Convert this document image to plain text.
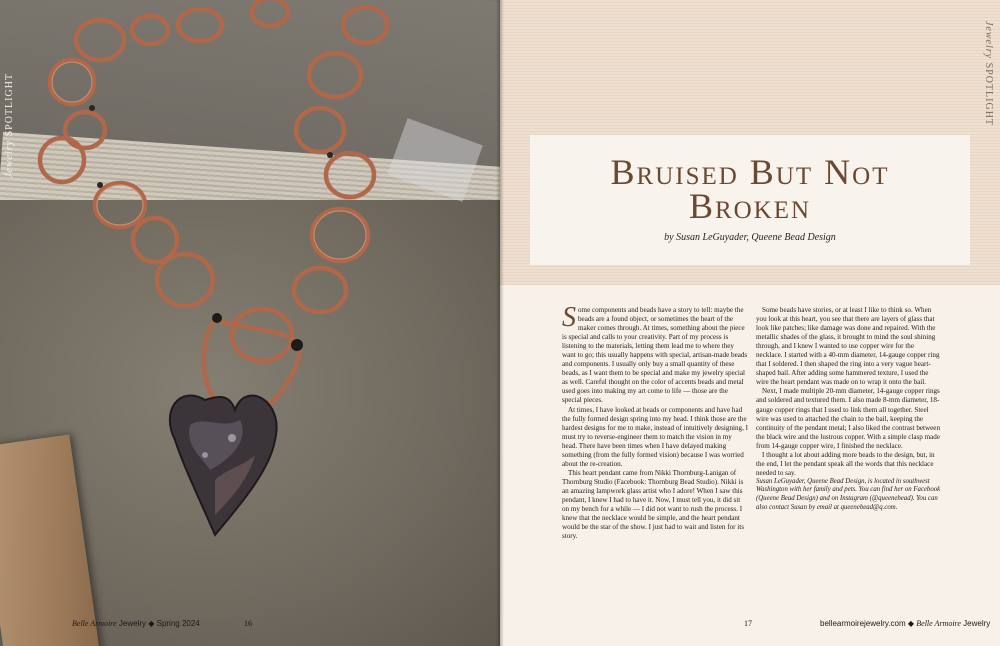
Jewelry SPOTLIGHT
Bruised But Not
Broken
by Susan LeGuyader, Queene Bead Design
Jewelry SPOTLIGHT

Some components and beads have a story to tell: maybe the beads are a found object, or sometimes the heart of the maker comes through. At times, something about the piece is special and calls to your creativity. Part of my process is listening to the materials, letting them lead me to where they want to go; this usually happens with special, artisan-made beads and components. I usually only buy a small quantity of these beads, as I want them to be special and make my jewelry special as well. Careful thought on the color of accents beads and metal used goes into making my art come to life — those are the special pieces.

At times, I have looked at beads or components and have had the fully formed design spring into my head. I think those are the hardest designs for me to make, instead of intuitively designing, I must try to reverse-engineer them to match the vision in my head. There have been times when I have delayed making something (from the fully formed vision) because I was worried about the re-creation.

This heart pendant came from Nikki Thornburg-Lanigan of Thornburg Studio (Facebook: Thornburg Bead Studio). Nikki is an amazing lampwork glass artist who I adore! When I saw this pendant, I knew I had to have it. Now, I must tell you, it did sit on my bench for a while — I did not want to rush the process. I knew that the necklace would be simple, and the heart pendant would be the star of the show. I just had to wait and listen for its story.

Some beads have stories, or at least I like to think so. When you look at this heart, you see that there are layers of glass that look like patches; like damage was done and repaired. With the metallic shades of the glass, it brought to mind the soul shining through, and I knew I wanted to use copper wire for the necklace. I started with a 40-mm diameter, 14-gauge copper ring that I soldered. I then shaped the ring into a very vague heart-shaped bail. After adding some hammered texture, I used the wire the heart pendant was made on to wrap it onto the bail.

Next, I made multiple 20-mm diameter, 14-gauge copper rings and soldered and textured them. I also made 8-mm diameter, 18-gauge copper rings that I used to link them all together. Steel wire was used to attached the chain to the bail, keeping the continuity of the pendant metal; I also liked the contrast between the black wire and the lustrous copper. With a simple clasp made from 14-gauge copper wire, I finished the necklace.

I thought a lot about adding more beads to the design, but, in the end, I let the pendant speak all the words that this necklace needed to say.

Susan LeGuyader, Queene Bead Design, is located in southwest Washington with her family and pets. You can find her on Facebook (Queene Bead Design) and on Instagram (@queenebead). You can also contact Susan by email at queenebead@q.com.

Belle Armoire Jewelry ◆ Spring 2024	16	17	bellearmoirejewelry.com ◆ Belle Armoire Jewelry
